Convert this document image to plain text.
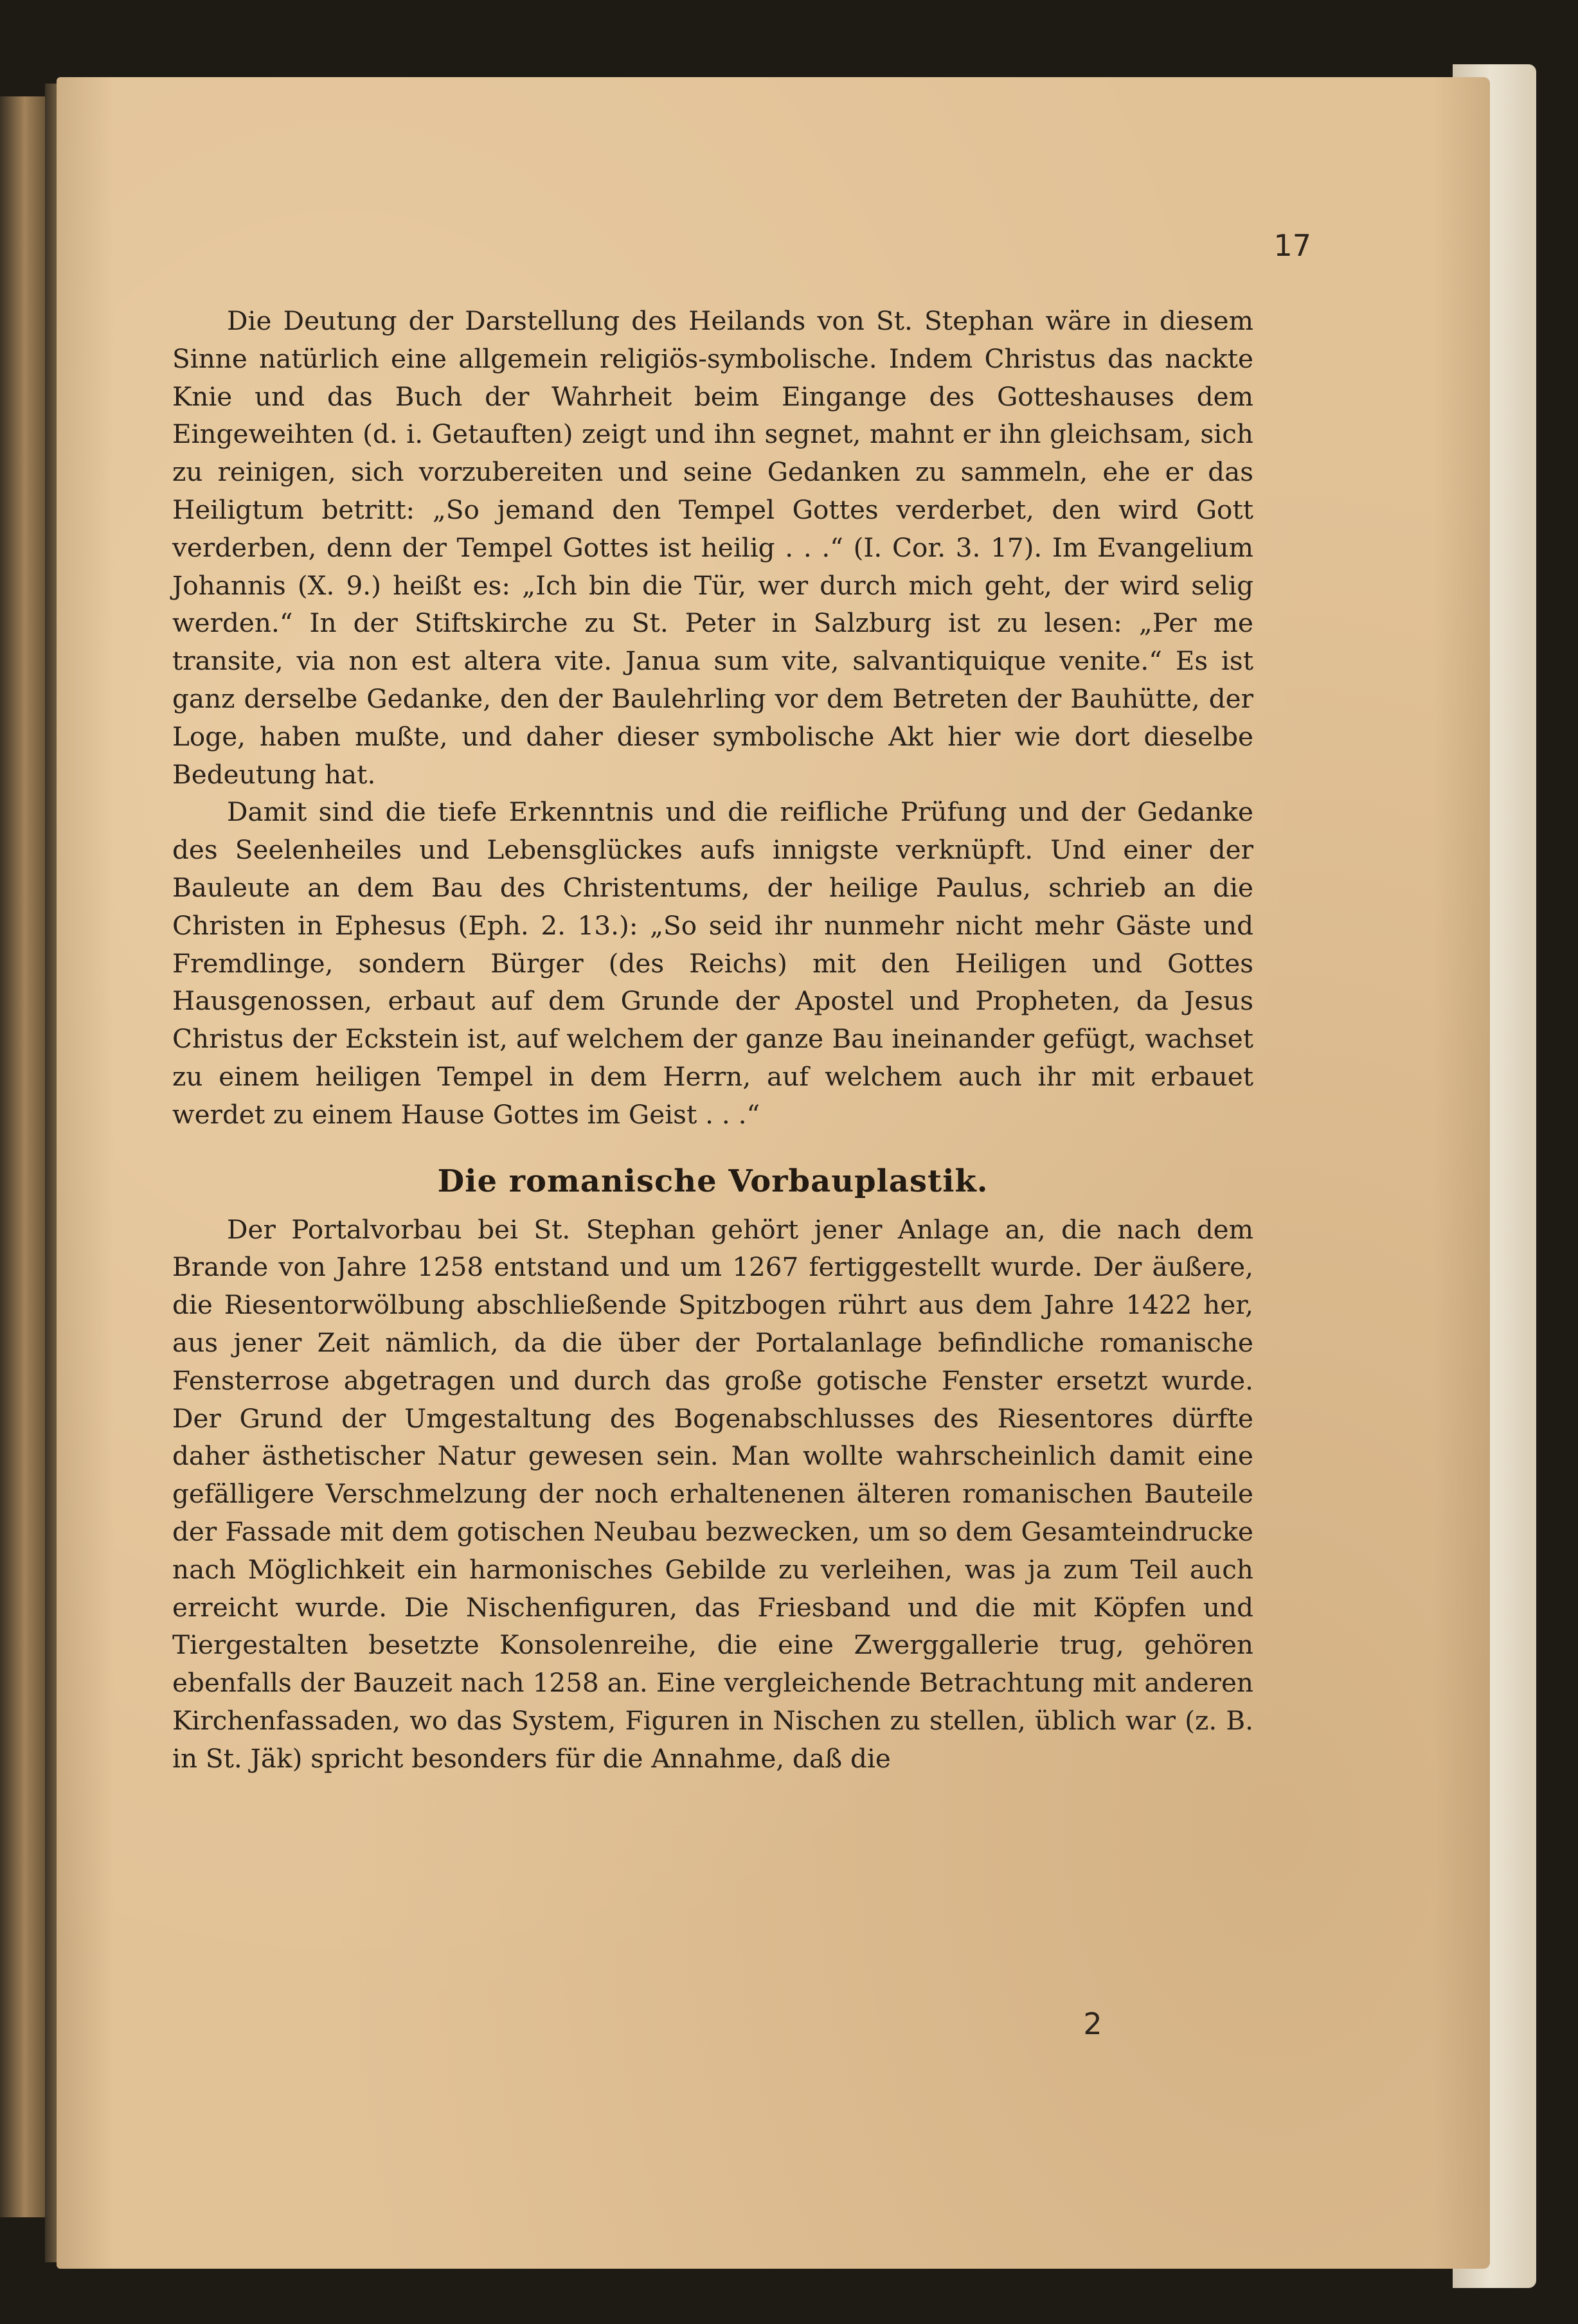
17

Die Deutung der Darstellung des Heilands von St. Stephan wäre in diesem Sinne natürlich eine allgemein religiös-symbolische. Indem Christus das nackte Knie und das Buch der Wahrheit beim Eingange des Gotteshauses dem Eingeweihten (d. i. Getauften) zeigt und ihn segnet, mahnt er ihn gleichsam, sich zu reinigen, sich vorzubereiten und seine Gedanken zu sammeln, ehe er das Heiligtum betritt: „So jemand den Tempel Gottes verderbet, den wird Gott verderben, denn der Tempel Gottes ist heilig . . .“ (I. Cor. 3. 17). Im Evangelium Johannis (X. 9.) heißt es: „Ich bin die Tür, wer durch mich geht, der wird selig werden.“ In der Stiftskirche zu St. Peter in Salzburg ist zu lesen: „Per me transite, via non est altera vite. Janua sum vite, salvantiquique venite.“ Es ist ganz derselbe Gedanke, den der Baulehrling vor dem Betreten der Bauhütte, der Loge, haben mußte, und daher dieser symbolische Akt hier wie dort dieselbe Bedeutung hat.

Damit sind die tiefe Erkenntnis und die reifliche Prüfung und der Gedanke des Seelenheiles und Lebensglückes aufs innigste verknüpft. Und einer der Bauleute an dem Bau des Christentums, der heilige Paulus, schrieb an die Christen in Ephesus (Eph. 2. 13.): „So seid ihr nunmehr nicht mehr Gäste und Fremdlinge, sondern Bürger (des Reichs) mit den Heiligen und Gottes Hausgenossen, erbaut auf dem Grunde der Apostel und Propheten, da Jesus Christus der Eckstein ist, auf welchem der ganze Bau ineinander gefügt, wachset zu einem heiligen Tempel in dem Herrn, auf welchem auch ihr mit erbauet werdet zu einem Hause Gottes im Geist . . .“

Die romanische Vorbauplastik.

Der Portalvorbau bei St. Stephan gehört jener Anlage an, die nach dem Brande von Jahre 1258 entstand und um 1267 fertiggestellt wurde. Der äußere, die Riesentorwölbung abschließende Spitzbogen rührt aus dem Jahre 1422 her, aus jener Zeit nämlich, da die über der Portalanlage befindliche romanische Fensterrose abgetragen und durch das große gotische Fenster ersetzt wurde. Der Grund der Umgestaltung des Bogenabschlusses des Riesentores dürfte daher ästhetischer Natur gewesen sein. Man wollte wahrscheinlich damit eine gefälligere Verschmelzung der noch erhaltenenen älteren romanischen Bauteile der Fassade mit dem gotischen Neubau bezwecken, um so dem Gesamteindrucke nach Möglichkeit ein harmonisches Gebilde zu verleihen, was ja zum Teil auch erreicht wurde. Die Nischenfiguren, das Friesband und die mit Köpfen und Tiergestalten besetzte Konsolenreihe, die eine Zwerggallerie trug, gehören ebenfalls der Bauzeit nach 1258 an. Eine vergleichende Betrachtung mit anderen Kirchenfassaden, wo das System, Figuren in Nischen zu stellen, üblich war (z. B. in St. Jäk) spricht besonders für die Annahme, daß die

2
